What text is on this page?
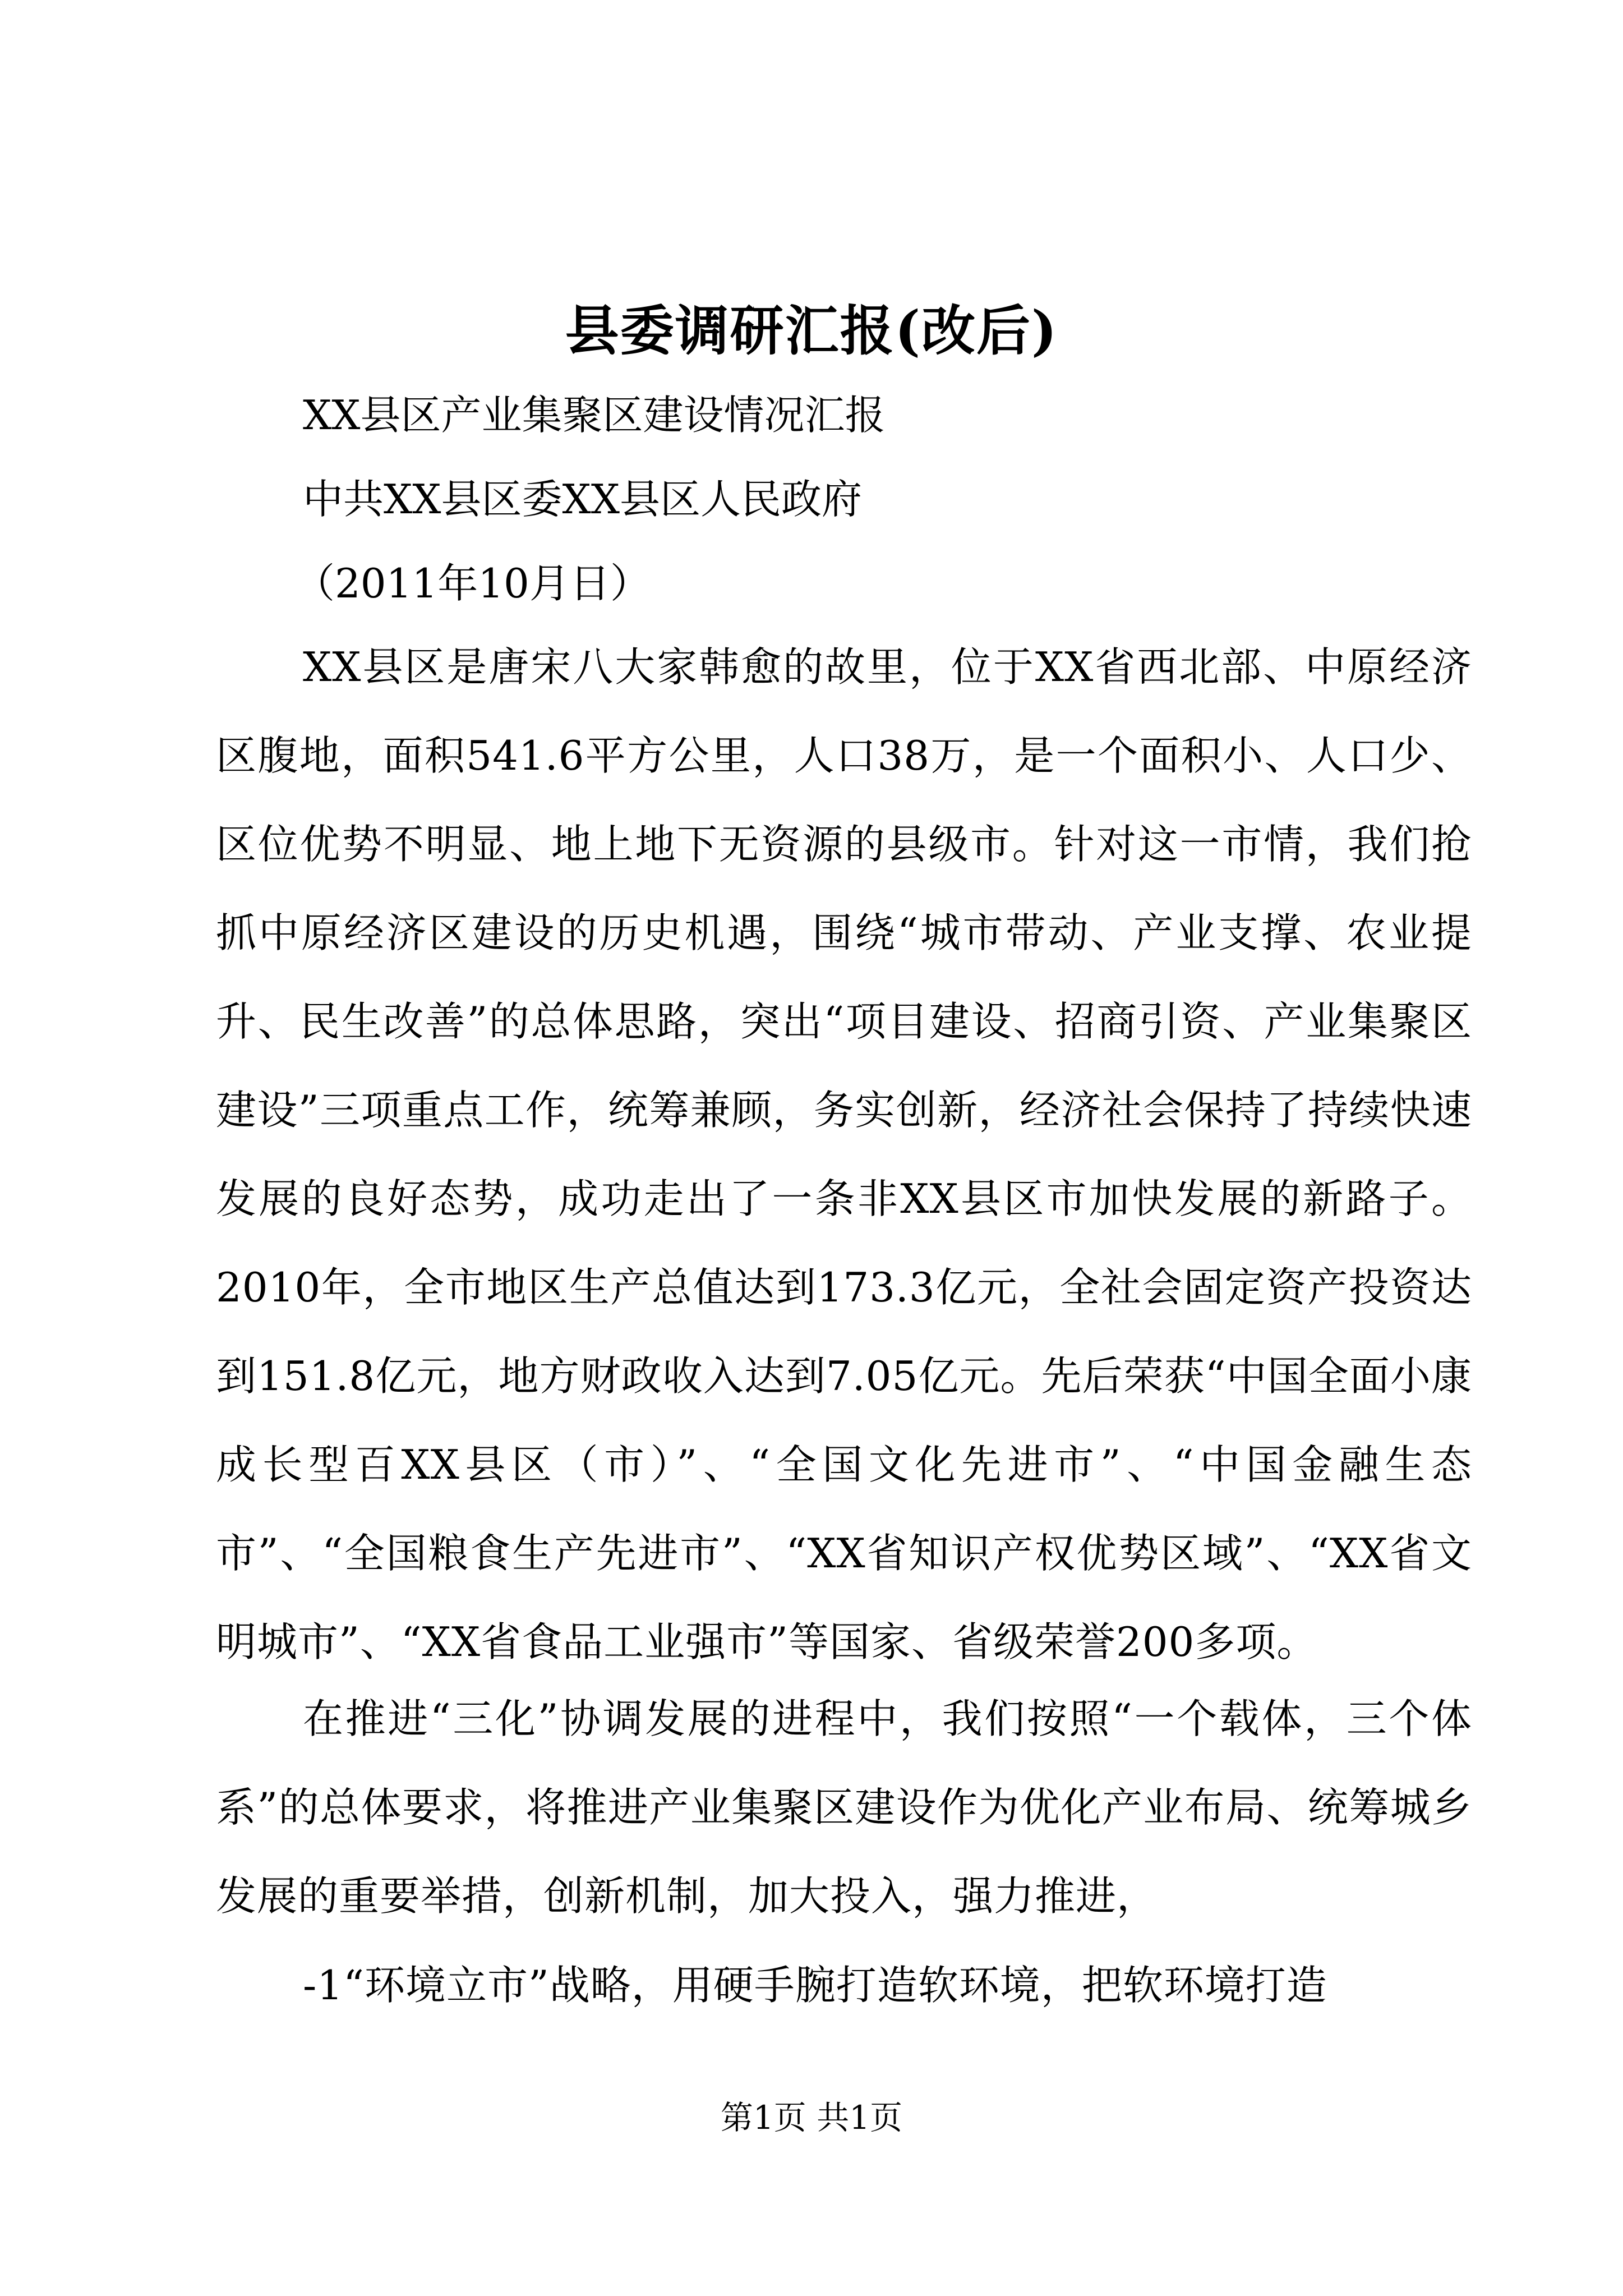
县委调研汇报(改后)
XX县区产业集聚区建设情况汇报
中共XX县区委XX县区人民政府
（2011年10月日）

XX县区是唐宋八大家韩愈的故里，位于XX省西北部、中原经济区腹地，面积541.6平方公里，人口38万，是一个面积小、人口少、区位优势不明显、地上地下无资源的县级市。针对这一市情，我们抢抓中原经济区建设的历史机遇，围绕“城市带动、产业支撑、农业提升、民生改善”的总体思路，突出“项目建设、招商引资、产业集聚区建设”三项重点工作，统筹兼顾，务实创新，经济社会保持了持续快速发展的良好态势，成功走出了一条非XX县区市加快发展的新路子。2010年，全市地区生产总值达到173.3亿元，全社会固定资产投资达到151.8亿元，地方财政收入达到7.05亿元。先后荣获“中国全面小康成长型百XX县区（市）”、“全国文化先进市”、“中国金融生态市”、“全国粮食生产先进市”、“XX省知识产权优势区域”、“XX省文明城市”、“XX省食品工业强市”等国家、省级荣誉200多项。

在推进“三化”协调发展的进程中，我们按照“一个载体，三个体系”的总体要求，将推进产业集聚区建设作为优化产业布局、统筹城乡发展的重要举措，创新机制，加大投入，强力推进，

-1“环境立市”战略，用硬手腕打造软环境，把软环境打造

第1页 共1页
